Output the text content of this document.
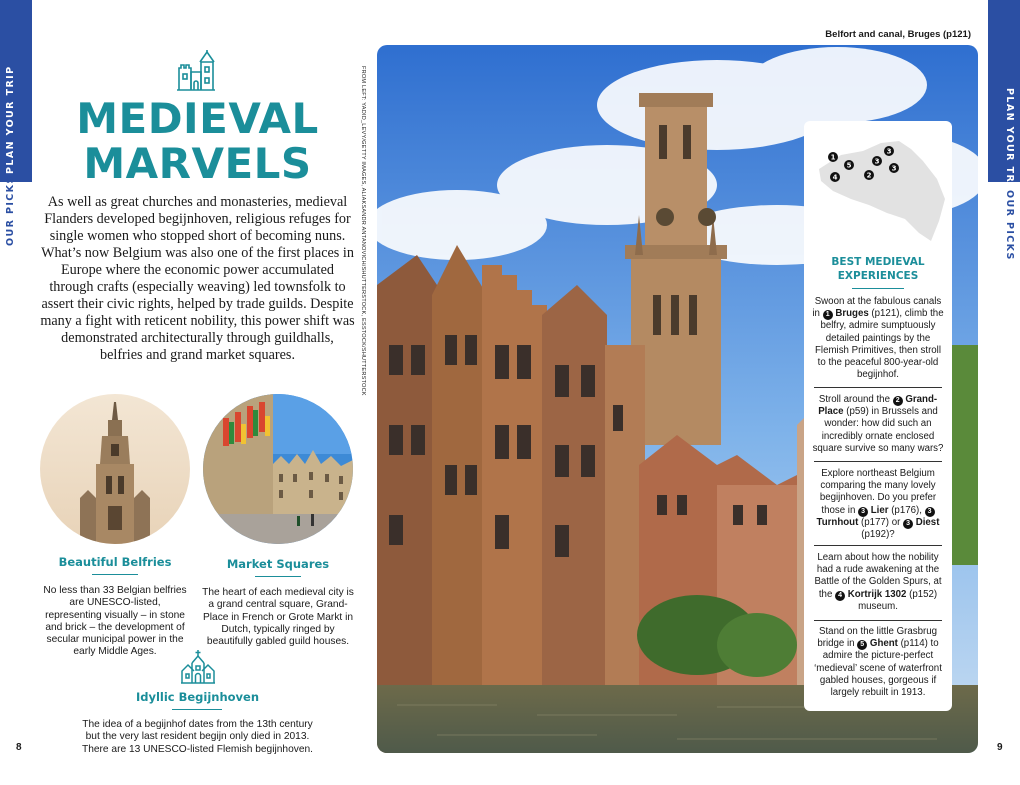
PLAN YOUR TRIP
OUR PICKS
PLAN YOUR TRIP
OUR PICKS
MEDIEVAL
MARVELS
As well as great churches and monasteries, medieval Flanders developed begijnhoven, religious refuges for single women who stopped short of becoming nuns. What’s now Belgium was also one of the first places in Europe where the economic power accumulated through crafts (especially weaving) led townsfolk to assert their civic rights, helped by trade guilds. Despite many a fight with reticent nobility, this power shift was demonstrated architecturally through guildhalls, belfries and grand market squares.
Beautiful Belfries
No less than 33 Belgian belfries are UNESCO-listed, representing visually – in stone and brick – the development of secular municipal power in the early Middle Ages.
Market Squares
The heart of each medieval city is a grand central square, Grand-Place in French or Grote Markt in Dutch, typically ringed by beautifully gabled guild houses.
Idyllic Begijnhoven
The idea of a begijnhof dates from the 13th century but the very last resident begijn only died in 2013. There are 13 UNESCO-listed Flemish begijnhoven.
8	9
FROM LEFT: YADID_LEVY/GETTY IMAGES, ALIAKSANDR ANTANOVICH/SHUTTERSTOCK, ESSTOCK/SHUTTERSTOCK
Belfort and canal, Bruges (p121)
1
5
4	2
3
3
3
BEST MEDIEVAL
EXPERIENCES
Swoon at the fabulous canals in 1 Bruges (p121), climb the belfry, admire sumptuously detailed paintings by the Flemish Primitives, then stroll to the peaceful 800-year-old begijnhof.
Stroll around the 2 Grand-Place (p59) in Brussels and wonder: how did such an incredibly ornate enclosed square survive so many wars?
Explore northeast Belgium comparing the many lovely begijnhoven. Do you prefer those in 3 Lier (p176), 3 Turnhout (p177) or 3 Diest (p192)?
Learn about how the nobility had a rude awakening at the Battle of the Golden Spurs, at the 4 Kortrijk 1302 (p152) museum.
Stand on the little Grasbrug bridge in 5 Ghent (p114) to admire the picture-perfect ‘medieval’ scene of waterfront gabled houses, gorgeous if largely rebuilt in 1913.
